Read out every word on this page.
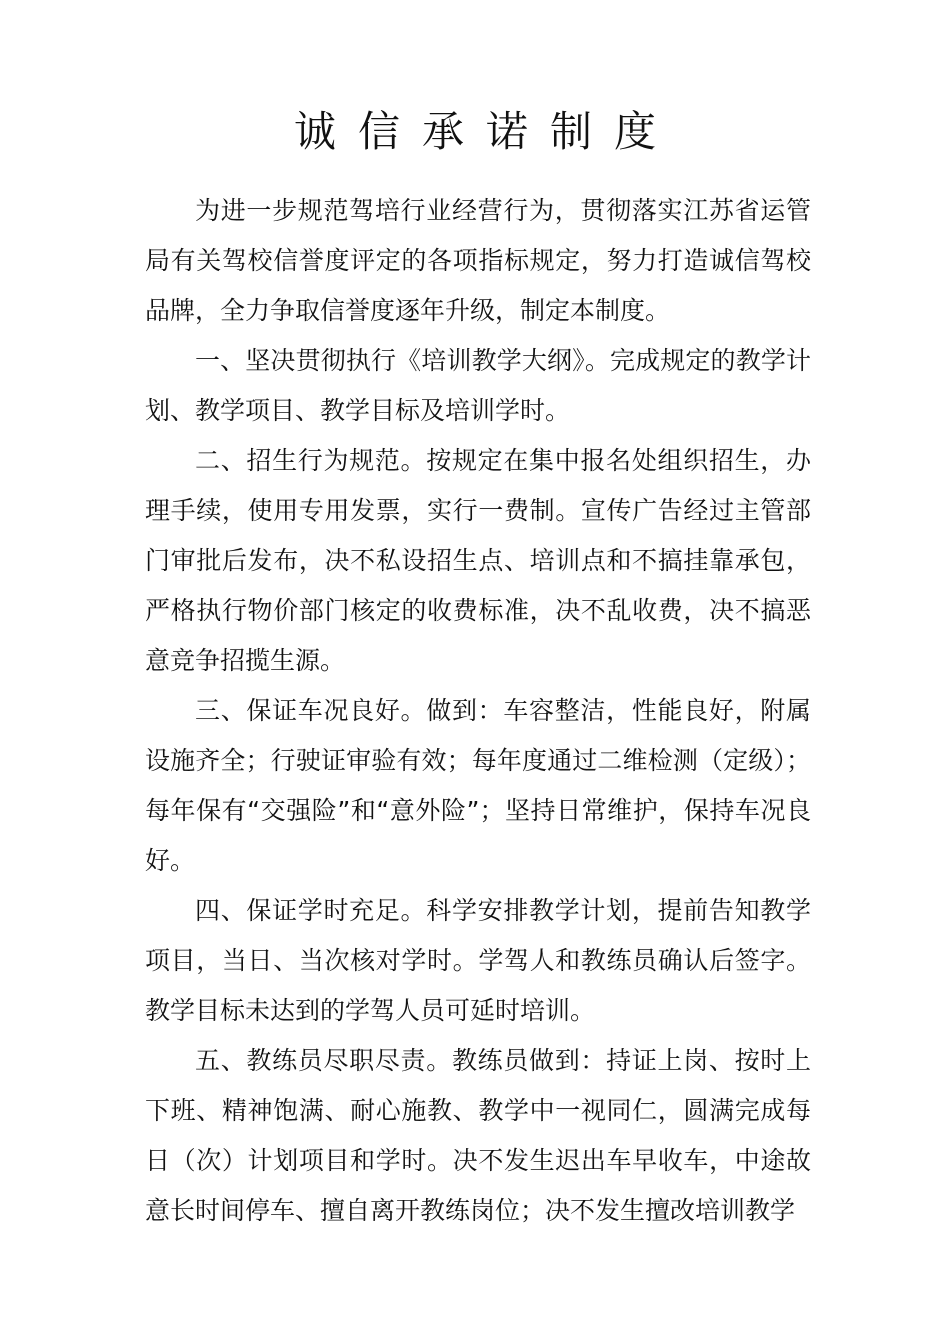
诚信承诺制度

为进一步规范驾培行业经营行为，贯彻落实江苏省运管局有关驾校信誉度评定的各项指标规定，努力打造诚信驾校品牌，全力争取信誉度逐年升级，制定本制度。

一、坚决贯彻执行《培训教学大纲》。完成规定的教学计划、教学项目、教学目标及培训学时。

二、招生行为规范。按规定在集中报名处组织招生，办理手续，使用专用发票，实行一费制。宣传广告经过主管部门审批后发布，决不私设招生点、培训点和不搞挂靠承包，严格执行物价部门核定的收费标准，决不乱收费，决不搞恶意竞争招揽生源。

三、保证车况良好。做到：车容整洁，性能良好，附属设施齐全；行驶证审验有效；每年度通过二维检测（定级）；每年保有“交强险”和“意外险”；坚持日常维护，保持车况良好。

四、保证学时充足。科学安排教学计划，提前告知教学项目，当日、当次核对学时。学驾人和教练员确认后签字。教学目标未达到的学驾人员可延时培训。

五、教练员尽职尽责。教练员做到：持证上岗、按时上下班、精神饱满、耐心施教、教学中一视同仁，圆满完成每日（次）计划项目和学时。决不发生迟出车早收车，中途故意长时间停车、擅自离开教练岗位；决不发生擅改培训教学
